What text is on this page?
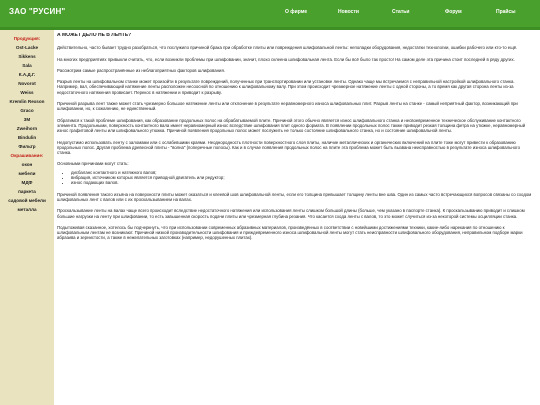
ЗАО "РУСИН"	О фирме	Новости	Статьи	Форум	Прайсы
Продукция:
Ost-Lacke
Sikkens
Sala
К.А.Д.Г.
Novorot
Weiss
Kremlin Rexson
Graco
3M
Zweihorn
Bindulin
Фильтр
Окрашивание:
окон
мебели
МДФ
паркета
садовой мебели
металла
А МОЖЕТ ДЕЛО НЕ В ЛЕНТЕ?

Действительно, часто бывает трудно разобраться, что послужило причиной брака при обработке плиты или повреждения шлифовальной ленты: неполадки оборудования, недостатки технологии, ошибки рабочего или кто-то ещё.

На многих предприятиях привыкли считать, что, если возникли проблемы при шлифовании, значит, плохо склеена шлифовальная лента. Если бы всё было так просто! На самом деле эта причина стоит последней в ряду других.

Рассмотрим самые распространённые из неблагоприятных факторов шлифования.

Разрыв ленты на шлифовальном станке может произойти в результате повреждений, полученных при транспортировании или установке ленты. Однако чаще мы встречаемся с неправильной настройкой шлифовального станка. Например, вал, обеспечивающий натяжение ленты расположен несоосной по отношению к шлифовальному валу. При этом происходит чрезмерное натяжение ленты с одной стороны, а то время как другая сторона ленты из-за недостаточного натяжения провисает. Перекос в натяжении и приводит к разрыву.

Причиной разрыва лент также может стать чрезмерно большое натяжение ленты или отклонение в результате неравномерного износа шлифовальных плит. Разрыв ленты на станке - самый неприятный фактор, возникающий при шлифовании, но, к сожалению, не единственный.

Обратимся к такой проблеме шлифования, как образование продольных полос на обрабатываемой плите. Причиной этого обычно является износ шлифовального станка и несвоевременное техническое обслуживание контактного элемента. Продольными, поверхность контактного вала имеет неравномерный износ вследствие шлифования плит одного формата. В появлении продольных полос также приводит резкая толщина фетра на утюжке, неравномерный износ графитовой ленты или шлифовального утюжка. Причиной появления продольных полос может послужить не только состояние шлифовального станка, но и состояние шлифовальной ленты.

Недопустимо использовать ленту с заломами или с ослабевшими краями. Неоднородность плотности поверхностного слоя плиты, наличие металлических и органических включений на плите тоже могут привести к образованию продольных полос. Другая проблема древесной плиты - "волна" (поперечные полосы). Как и в случае появления продольных полос на плите эта проблема может быть вызвана неисправностью в результате износа шлифовального станка.

Основными причинами могут стать:

• дисбаланс контактного и натяжного валов;
• вибрация, источником которых является приводной двигатель или редуктор;
• износ подающих валов.

Причиной появления такого изъяна на поверхности плиты может оказаться и клеевой шов шлифовальной ленты, если его толщина превышает толщину ленты вне шва. Один из самых часто встречающихся вопросов связаны со сходом шлифовальных лент с валов или с их проскальзыванием на валах.

Проскальзывание ленты на валах чаще всего происходит вследствие недостаточного натяжения или использования ленты слишком большой длины (больше, чем указано в паспорте станка). К проскальзыванию приводит и слишком большие нагрузки на ленту при шлифовании, то есть завышенная скорость подачи плиты или чрезмерная глубина резания. Что касается схода ленты с валов, то это может случиться из-за некоторой системы осцилляции станка.

Подытоживая сказанное, хотелось бы подчеркнуть, что при использовании современных абразивных материалов, произведённых в соответствии с новейшими достижениями техники, какие-либо нарекания по отношению к шлифовальным лентам не возникают. Причиной низкой производительности шлифования и преждевременного износа шлифовальной ленты могут стать неисправности шлифовального оборудования, неправильном подборе марки абразива и зернистости, а также в нежелательных заготовках (например, недорушенных плитах).
